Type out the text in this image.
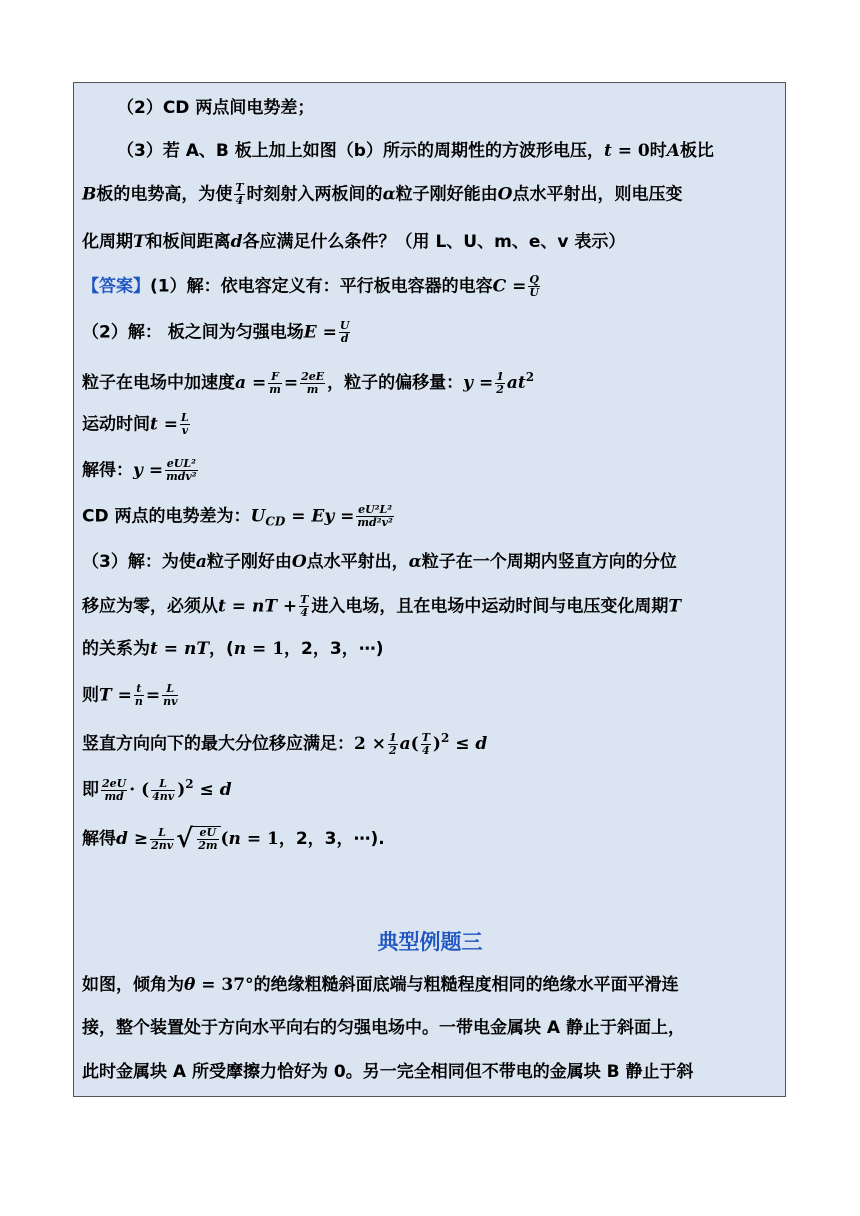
（2）CD 两点间电势差；
（3）若 A、B 板上加上如图（b）所示的周期性的方波形电压，t = 0时A板比
B板的电势高，为使 $\frac{T}{4}$ 时刻射入两板间的α粒子刚好能由O点水平射出，则电压变
化周期T和板间距离d各应满足什么条件？（用 L、U、m、e、v 表示）
【答案】(1）解：依电容定义有：平行板电容器的电容$C = \frac{Q}{U}$
（2）解： 板之间为匀强电场$E = \frac{U}{d}$
粒子在电场中加速度$a = \frac{F}{m} = \frac{2eE}{m}$ ，粒子的偏移量：$y = \frac{1}{2} at^2$
运动时间$t = \frac{L}{v}$
解得：y = eUL²
mdv²
CD 两点的电势差为：$U_{CD} = Ey = \frac{\text{eU²L²}}{\text{md²v²}}$
（3）解：为使a粒子刚好由O点水平射出，α粒子在一个周期内竖直方向的分位
移应为零，必须从t = nT + $\frac{T}{4}$ 进入电场，且在电场中运动时间与电压变化周期T
的关系为t = nT，(n = 1，2，3，⋯)
则$T = \frac{t}{n} = \frac{L}{nv}$
竖直方向向下的最大分位移应满足：$2 \times \frac{1}{2} a( \frac{T}{4} )^2 \le d$
即 $\frac{2eU}{md}$ · ( $\frac{L}{4nv} )^2 \le d$
解得$d \ge \frac{L}{2nv}$ √ $\frac{eU}{2m} (n = 1$，2，3，⋯).
典型例题三
如图，倾角为θ = 37°的绝缘粗糙斜面底端与粗糙程度相同的绝缘水平面平滑连
接，整个装置处于方向水平向右的匀强电场中。一带电金属块 A 静止于斜面上，
此时金属块 A 所受摩擦力恰好为 0。另一完全相同但不带电的金属块 B 静止于斜
